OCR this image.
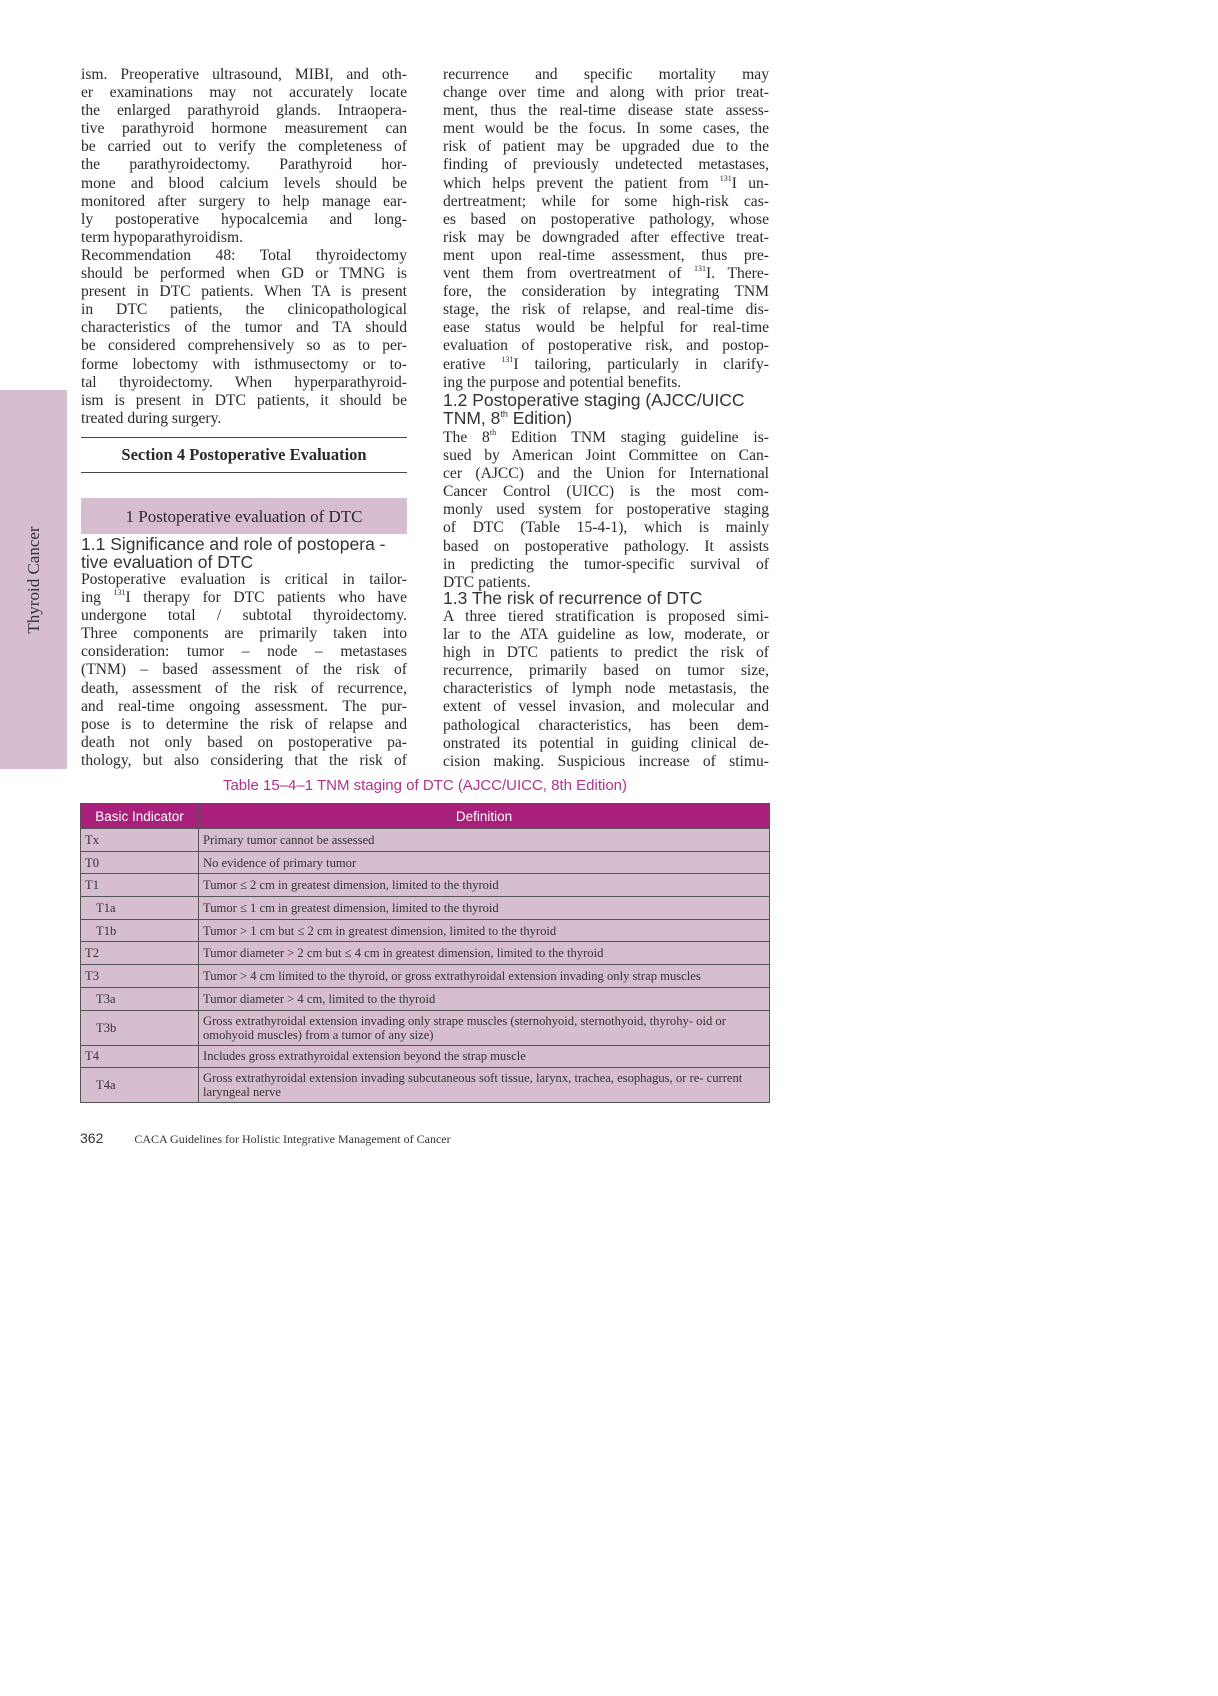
Thyroid Cancer
ism. Preoperative ultrasound, MIBI, and oth-
er examinations may not accurately locate
the enlarged parathyroid glands. Intraopera-
tive parathyroid hormone measurement can
be carried out to verify the completeness of
the parathyroidectomy. Parathyroid hor-
mone and blood calcium levels should be
monitored after surgery to help manage ear-
ly postoperative hypocalcemia and long-
term hypoparathyroidism.
Recommendation 48: Total thyroidectomy
should be performed when GD or TMNG is
present in DTC patients. When TA is present
in DTC patients, the clinicopathological
characteristics of the tumor and TA should
be considered comprehensively so as to per-
forme lobectomy with isthmusectomy or to-
tal thyroidectomy. When hyperparathyroid-
ism is present in DTC patients, it should be
treated during surgery.
Section 4 Postoperative Evaluation
1 Postoperative evaluation of DTC
1.1 Significance and role of postopera -
tive evaluation of DTC
Postoperative evaluation is critical in tailor-
ing $^{131}$I therapy for DTC patients who have
undergone total / subtotal thyroidectomy.
Three components are primarily taken into
consideration: tumor – node – metastases
(TNM) – based assessment of the risk of
death, assessment of the risk of recurrence,
and real-time ongoing assessment. The pur-
pose is to determine the risk of relapse and
death not only based on postoperative pa-
thology, but also considering that the risk of
recurrence and specific mortality may
change over time and along with prior treat-
ment, thus the real-time disease state assess-
ment would be the focus. In some cases, the
risk of patient may be upgraded due to the
finding of previously undetected metastases,
which helps prevent the patient from $^{131}$I un-
dertreatment; while for some high-risk cas-
es based on postoperative pathology, whose
risk may be downgraded after effective treat-
ment upon real-time assessment, thus pre-
vent them from overtreatment of $^{131}$I. There-
fore, the consideration by integrating TNM
stage, the risk of relapse, and real-time dis-
ease status would be helpful for real-time
evaluation of postoperative risk, and postop-
erative $^{131}$I tailoring, particularly in clarify-
ing the purpose and potential benefits.
1.2 Postoperative staging (AJCC/UICC
TNM, 8th Edition)
The 8th Edition TNM staging guideline is-
sued by American Joint Committee on Can-
cer (AJCC) and the Union for International
Cancer Control (UICC) is the most com-
monly used system for postoperative staging
of DTC (Table 15-4-1), which is mainly
based on postoperative pathology. It assists
in predicting the tumor-specific survival of
DTC patients.
1.3 The risk of recurrence of DTC
A three tiered stratification is proposed simi-
lar to the ATA guideline as low, moderate, or
high in DTC patients to predict the risk of
recurrence, primarily based on tumor size,
characteristics of lymph node metastasis, the
extent of vessel invasion, and molecular and
pathological characteristics, has been dem-
onstrated its potential in guiding clinical de-
cision making. Suspicious increase of stimu-
Table 15–4–1 TNM staging of DTC (AJCC/UICC, 8th Edition)
Basic Indicator	Definition
Tx	Primary tumor cannot be assessed
T0	No evidence of primary tumor
T1	Tumor ≤ 2 cm in greatest dimension, limited to the thyroid
T1a	Tumor ≤ 1 cm in greatest dimension, limited to the thyroid
T1b	Tumor > 1 cm but ≤ 2 cm in greatest dimension, limited to the thyroid
T2	Tumor diameter > 2 cm but ≤ 4 cm in greatest dimension, limited to the thyroid
T3	Tumor > 4 cm limited to the thyroid, or gross extrathyroidal extension invading only strap muscles
T3a	Tumor diameter > 4 cm, limited to the thyroid
T3b	Gross extrathyroidal extension invading only strape muscles (sternohyoid, sternothyoid, thyrohy- oid or omohyoid muscles) from a tumor of any size)
T4	Includes gross extrathyroidal extension beyond the strap muscle
T4a	Gross extrathyroidal extension invading subcutaneous soft tissue, larynx, trachea, esophagus, or re- current laryngeal nerve
362	CACA Guidelines for Holistic Integrative Management of Cancer
